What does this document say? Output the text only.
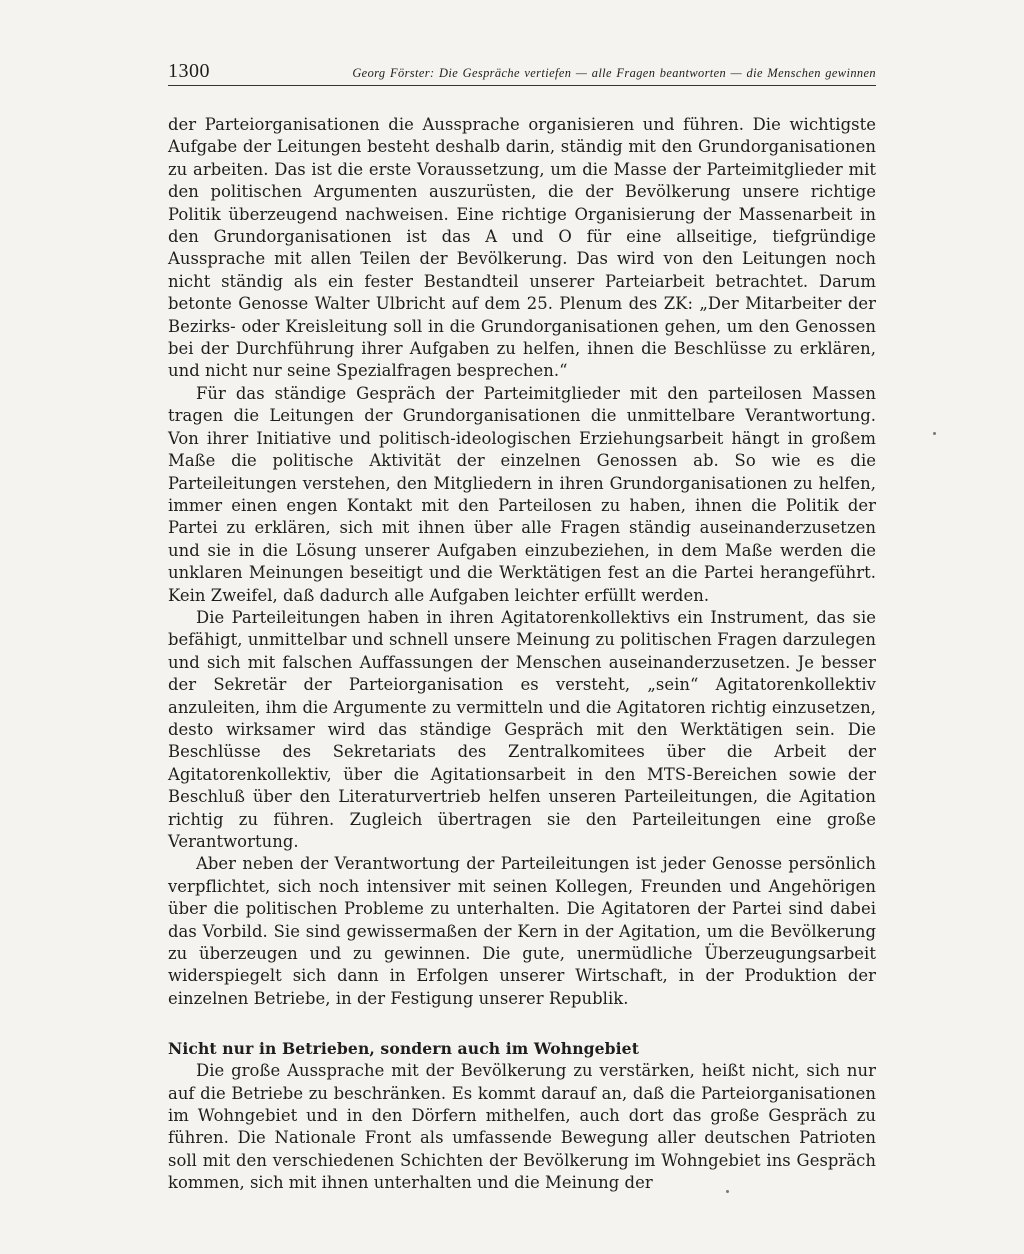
1300	Georg Förster: Die Gespräche vertiefen — alle Fragen beantworten — die Menschen gewinnen

der Parteiorganisationen die Aussprache organisieren und führen. Die wichtigste Aufgabe der Leitungen besteht deshalb darin, ständig mit den Grundorganisationen zu arbeiten. Das ist die erste Voraussetzung, um die Masse der Parteimitglieder mit den politischen Argumenten auszurüsten, die der Bevölkerung unsere richtige Politik überzeugend nachweisen. Eine richtige Organisierung der Massenarbeit in den Grundorganisationen ist das A und O für eine allseitige, tiefgründige Aussprache mit allen Teilen der Bevölkerung. Das wird von den Leitungen noch nicht ständig als ein fester Bestandteil unserer Parteiarbeit betrachtet. Darum betonte Genosse Walter Ulbricht auf dem 25. Plenum des ZK: „Der Mitarbeiter der Bezirks- oder Kreisleitung soll in die Grundorganisationen gehen, um den Genossen bei der Durchführung ihrer Aufgaben zu helfen, ihnen die Beschlüsse zu erklären, und nicht nur seine Spezialfragen besprechen.“

Für das ständige Gespräch der Parteimitglieder mit den parteilosen Massen tragen die Leitungen der Grundorganisationen die unmittelbare Verantwortung. Von ihrer Initiative und politisch-ideologischen Erziehungsarbeit hängt in großem Maße die politische Aktivität der einzelnen Genossen ab. So wie es die Parteileitungen verstehen, den Mitgliedern in ihren Grundorganisationen zu helfen, immer einen engen Kontakt mit den Parteilosen zu haben, ihnen die Politik der Partei zu erklären, sich mit ihnen über alle Fragen ständig auseinanderzusetzen und sie in die Lösung unserer Aufgaben einzubeziehen, in dem Maße werden die unklaren Meinungen beseitigt und die Werktätigen fest an die Partei herangeführt. Kein Zweifel, daß dadurch alle Aufgaben leichter erfüllt werden.

Die Parteileitungen haben in ihren Agitatorenkollektivs ein Instrument, das sie befähigt, unmittelbar und schnell unsere Meinung zu politischen Fragen darzulegen und sich mit falschen Auffassungen der Menschen auseinanderzusetzen. Je besser der Sekretär der Parteiorganisation es versteht, „sein“ Agitatorenkollektiv anzuleiten, ihm die Argumente zu vermitteln und die Agitatoren richtig einzusetzen, desto wirksamer wird das ständige Gespräch mit den Werktätigen sein. Die Beschlüsse des Sekretariats des Zentralkomitees über die Arbeit der Agitatorenkollektiv, über die Agitationsarbeit in den MTS-Bereichen sowie der Beschluß über den Literaturvertrieb helfen unseren Parteileitungen, die Agitation richtig zu führen. Zugleich übertragen sie den Parteileitungen eine große Verantwortung.

Aber neben der Verantwortung der Parteileitungen ist jeder Genosse persönlich verpflichtet, sich noch intensiver mit seinen Kollegen, Freunden und Angehörigen über die politischen Probleme zu unterhalten. Die Agitatoren der Partei sind dabei das Vorbild. Sie sind gewissermaßen der Kern in der Agitation, um die Bevölkerung zu überzeugen und zu gewinnen. Die gute, unermüdliche Überzeugungsarbeit widerspiegelt sich dann in Erfolgen unserer Wirtschaft, in der Produktion der einzelnen Betriebe, in der Festigung unserer Republik.

Nicht nur in Betrieben, sondern auch im Wohngebiet

Die große Aussprache mit der Bevölkerung zu verstärken, heißt nicht, sich nur auf die Betriebe zu beschränken. Es kommt darauf an, daß die Parteiorganisationen im Wohngebiet und in den Dörfern mithelfen, auch dort das große Gespräch zu führen. Die Nationale Front als umfassende Bewegung aller deutschen Patrioten soll mit den verschiedenen Schichten der Bevölkerung im Wohngebiet ins Gespräch kommen, sich mit ihnen unterhalten und die Meinung der
